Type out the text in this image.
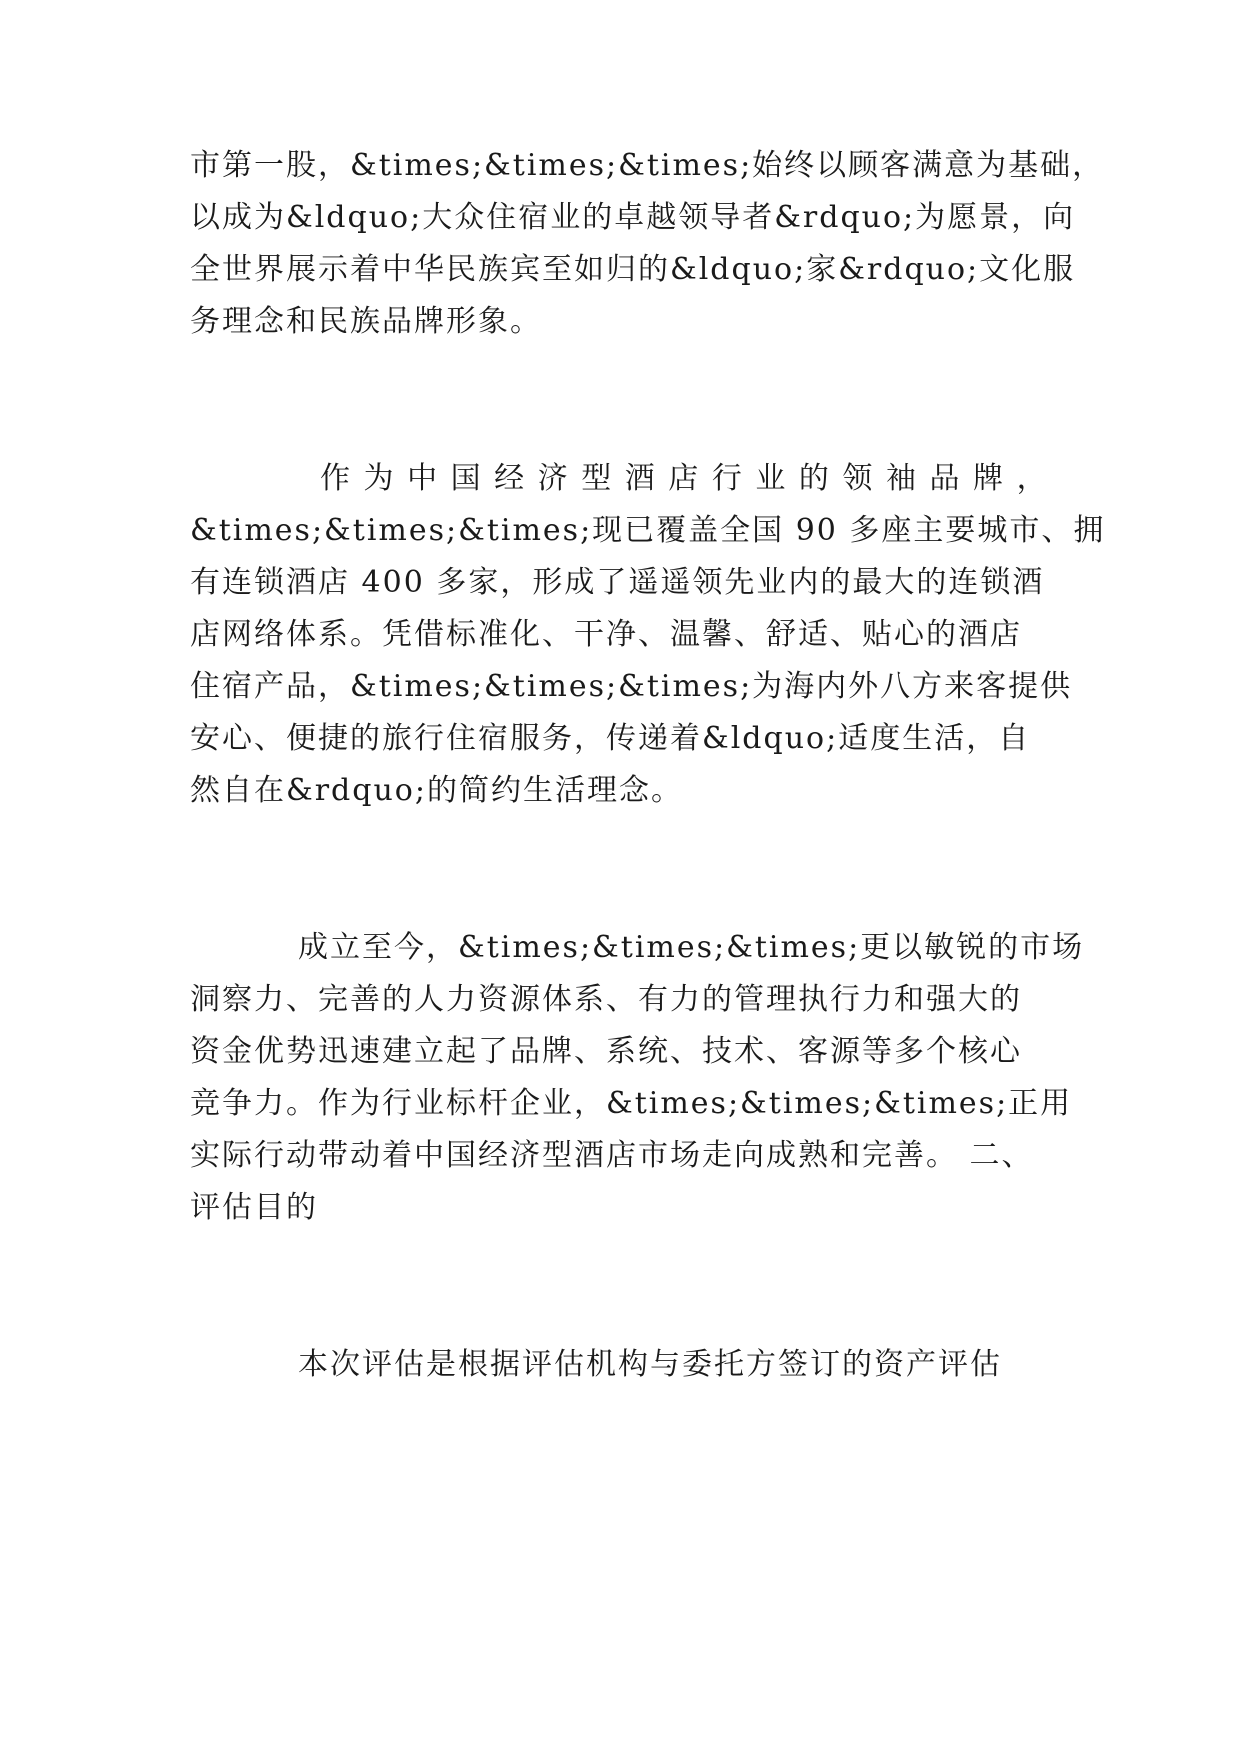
市第一股，&times;&times;&times;始终以顾客满意为基础，
以成为&ldquo;大众住宿业的卓越领导者&rdquo;为愿景，向
全世界展示着中华民族宾至如归的&ldquo;家&rdquo;文化服
务理念和民族品牌形象。
作 为 中 国 经 济 型 酒 店 行 业 的 领 袖 品 牌 ，
&times;&times;&times;现已覆盖全国 90 多座主要城市、拥
有连锁酒店 400 多家，形成了遥遥领先业内的最大的连锁酒
店网络体系。凭借标准化、干净、温馨、舒适、贴心的酒店
住宿产品，&times;&times;&times;为海内外八方来客提供
安心、便捷的旅行住宿服务，传递着&ldquo;适度生活，自
然自在&rdquo;的简约生活理念。
成立至今，&times;&times;&times;更以敏锐的市场
洞察力、完善的人力资源体系、有力的管理执行力和强大的
资金优势迅速建立起了品牌、系统、技术、客源等多个核心
竞争力。作为行业标杆企业，&times;&times;&times;正用
实际行动带动着中国经济型酒店市场走向成熟和完善。 二、
评估目的
本次评估是根据评估机构与委托方签订的资产评估
